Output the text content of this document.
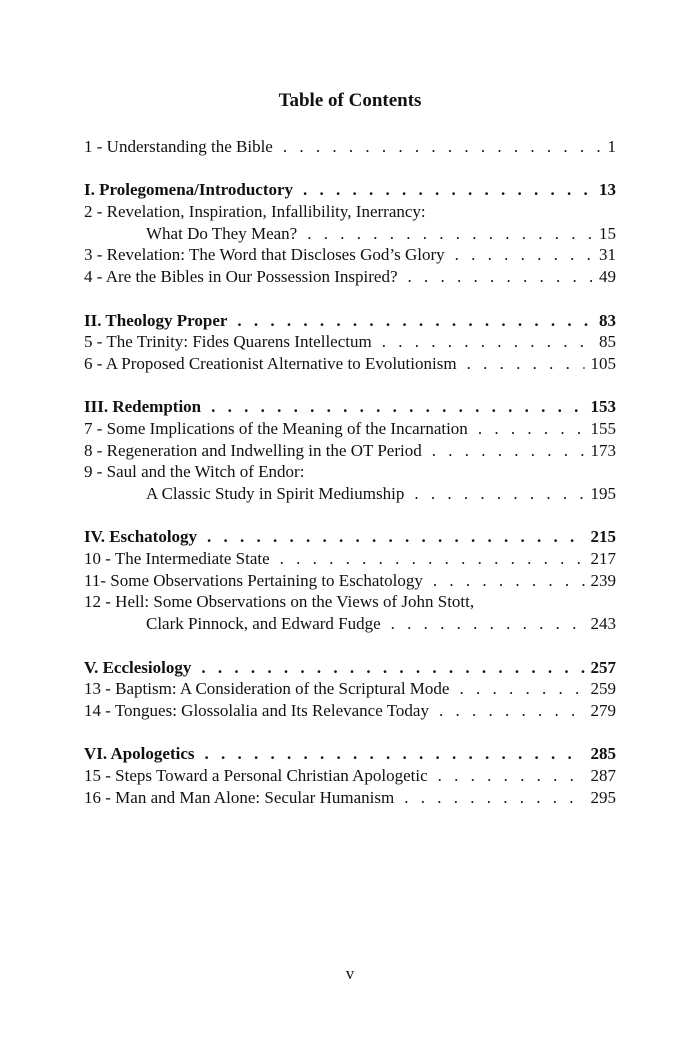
Table of Contents
1 - Understanding the Bible . . .	1
I. Prolegomena/Introductory . . .	13
2 - Revelation, Inspiration, Infallibility, Inerrancy:
What Do They Mean? . . .	15
3 - Revelation: The Word that Discloses God’s Glory . . .	31
4 - Are the Bibles in Our Possession Inspired? . . .	49
II. Theology Proper . . .	83
5 - The Trinity: Fides Quarens Intellectum . . .	85
6 - A Proposed Creationist Alternative to Evolutionism . . .	105
III. Redemption . . .	153
7 - Some Implications of the Meaning of the Incarnation . . .	155
8 - Regeneration and Indwelling in the OT Period . . .	173
9 - Saul and the Witch of Endor:
A Classic Study in Spirit Mediumship . . .	195
IV. Eschatology . . .	215
10 - The Intermediate State . . .	217
11- Some Observations Pertaining to Eschatology . . .	239
12 - Hell: Some Observations on the Views of John Stott,
Clark Pinnock, and Edward Fudge . . .	243
V. Ecclesiology . . .	257
13 - Baptism: A Consideration of the Scriptural Mode . . .	259
14 - Tongues: Glossolalia and Its Relevance Today . . .	279
VI. Apologetics . . .	285
15 - Steps Toward a Personal Christian Apologetic . . .	287
16 - Man and Man Alone: Secular Humanism . . .	295
v
